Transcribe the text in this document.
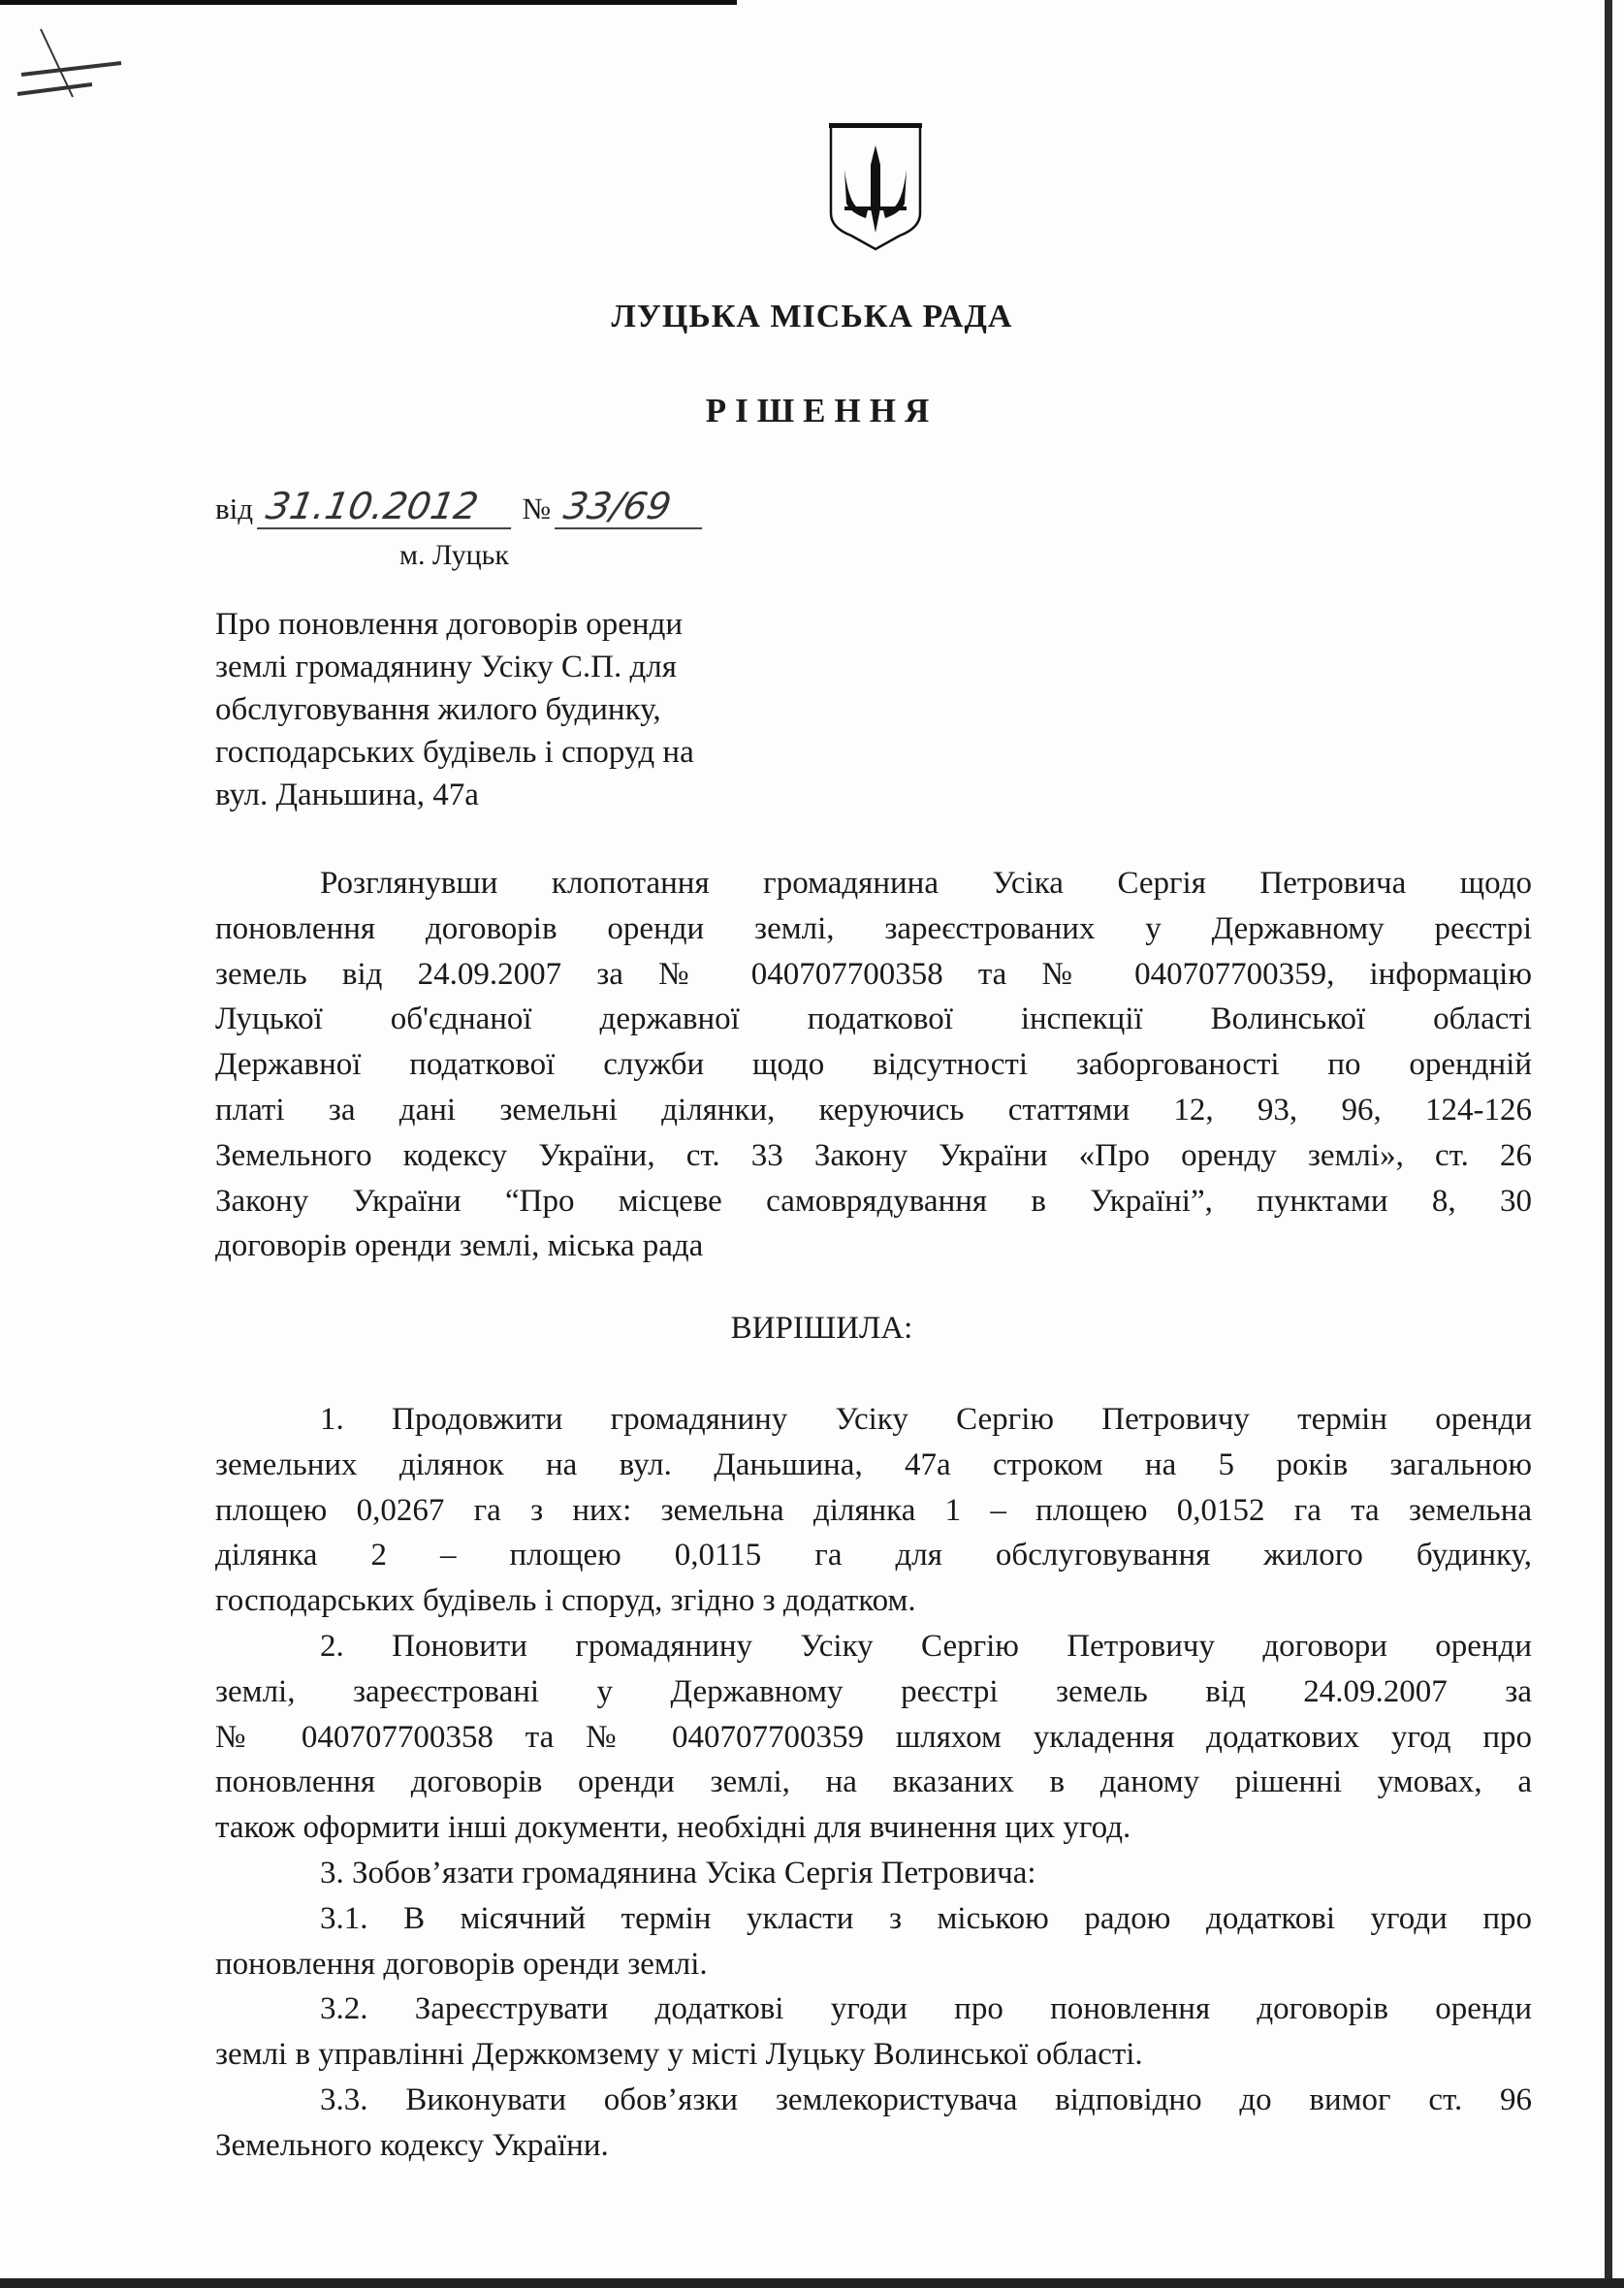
ЛУЦЬКА МІСЬКА РАДА
РІШЕННЯ
від 31.10.2012 № 33/69
м. Луцьк
Про поновлення договорів оренди
землі громадянину Усіку С.П. для
обслуговування жилого будинку,
господарських будівель і споруд на
вул. Даньшина, 47а
Розглянувши клопотання громадянина Усіка Сергія Петровича щодо
поновлення договорів оренди землі, зареєстрованих у Державному реєстрі
земель від 24.09.2007 за № 040707700358 та № 040707700359, інформацію
Луцької об'єднаної державної податкової інспекції Волинської області
Державної податкової служби щодо відсутності заборгованості по орендній
платі за дані земельні ділянки, керуючись статтями 12, 93, 96, 124-126
Земельного кодексу України, ст. 33 Закону України «Про оренду землі», ст. 26
Закону України “Про місцеве самоврядування в Україні”, пунктами 8, 30
договорів оренди землі, міська рада
ВИРІШИЛА:
1. Продовжити громадянину Усіку Сергію Петровичу термін оренди
земельних ділянок на вул. Даньшина, 47а строком на 5 років загальною
площею 0,0267 га з них: земельна ділянка 1 – площею 0,0152 га та земельна
ділянка 2 – площею 0,0115 га для обслуговування жилого будинку,
господарських будівель і споруд, згідно з додатком.
2. Поновити громадянину Усіку Сергію Петровичу договори оренди
землі, зареєстровані у Державному реєстрі земель від 24.09.2007 за
№ 040707700358 та № 040707700359 шляхом укладення додаткових угод про
поновлення договорів оренди землі, на вказаних в даному рішенні умовах, а
також оформити інші документи, необхідні для вчинення цих угод.
3. Зобов’язати громадянина Усіка Сергія Петровича:
3.1. В місячний термін укласти з міською радою додаткові угоди про
поновлення договорів оренди землі.
3.2. Зареєструвати додаткові угоди про поновлення договорів оренди
землі в управлінні Держкомзему у місті Луцьку Волинської області.
3.3. Виконувати обов’язки землекористувача відповідно до вимог ст. 96
Земельного кодексу України.
